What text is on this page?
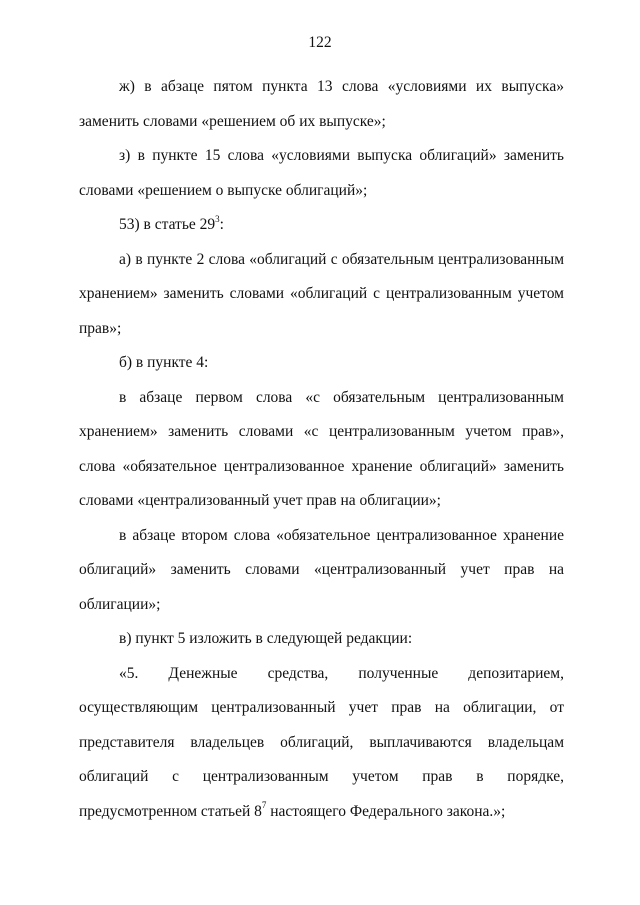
122

ж) в абзаце пятом пункта 13 слова «условиями их выпуска» заменить словами «решением об их выпуске»;

з) в пункте 15 слова «условиями выпуска облигаций» заменить словами «решением о выпуске облигаций»;

53) в статье $29^3$:

а) в пункте 2 слова «облигаций с обязательным централизованным хранением» заменить словами «облигаций с централизованным учетом прав»;

б) в пункте 4:

в абзаце первом слова «с обязательным централизованным хранением» заменить словами «с централизованным учетом прав», слова «обязательное централизованное хранение облигаций» заменить словами «централизованный учет прав на облигации»;

в абзаце втором слова «обязательное централизованное хранение облигаций» заменить словами «централизованный учет прав на облигации»;

в) пункт 5 изложить в следующей редакции:

«5. Денежные средства, полученные депозитарием, осуществляющим централизованный учет прав на облигации, от представителя владельцев облигаций, выплачиваются владельцам облигаций с централизованным учетом прав в порядке, предусмотренном статьей $8^7$ настоящего Федерального закона.»;
